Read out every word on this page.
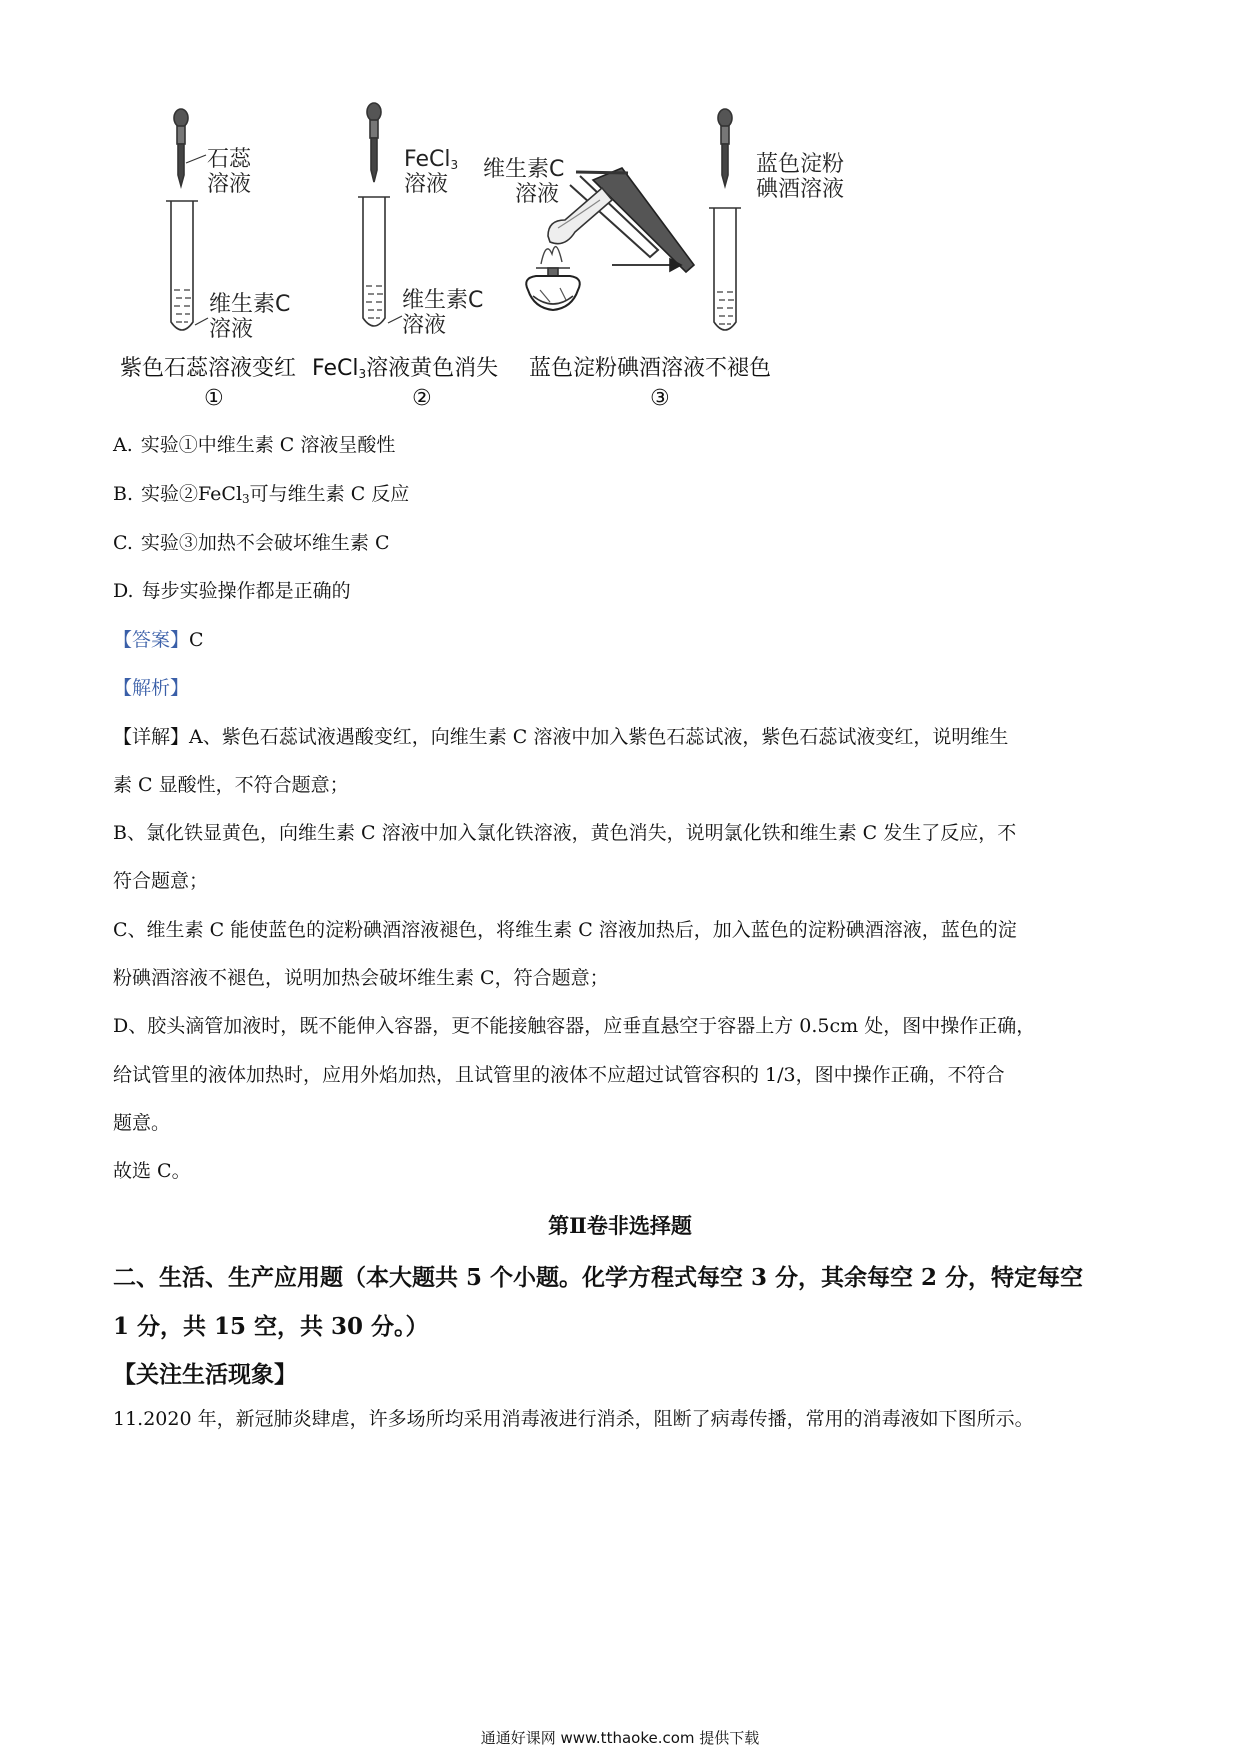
石蕊
溶液
维生素C
溶液
FeCl$_3$
溶液
维生素C
溶液
维生素C
溶液
蓝色淀粉
碘酒溶液
紫色石蕊溶液变红 FeCl$_3$溶液黄色消失 蓝色淀粉碘酒溶液不褪色
①	②	③
A. 实验①中维生素 C 溶液呈酸性
B. 实验②FeCl$_3$可与维生素 C 反应
C. 实验③加热不会破坏维生素 C
D. 每步实验操作都是正确的
【答案】C
【解析】
【详解】A、紫色石蕊试液遇酸变红，向维生素 C 溶液中加入紫色石蕊试液，紫色石蕊试液变红，说明维生
素 C 显酸性，不符合题意；
B、氯化铁显黄色，向维生素 C 溶液中加入氯化铁溶液，黄色消失，说明氯化铁和维生素 C 发生了反应，不
符合题意；
C、维生素 C 能使蓝色的淀粉碘酒溶液褪色，将维生素 C 溶液加热后，加入蓝色的淀粉碘酒溶液，蓝色的淀
粉碘酒溶液不褪色，说明加热会破坏维生素 C，符合题意；
D、胶头滴管加液时，既不能伸入容器，更不能接触容器，应垂直悬空于容器上方 0.5cm 处，图中操作正确，
给试管里的液体加热时，应用外焰加热，且试管里的液体不应超过试管容积的 1/3，图中操作正确，不符合
题意。
故选 C。
第Ⅱ卷非选择题
二、生活、生产应用题（本大题共 5 个小题。化学方程式每空 3 分，其余每空 2 分，特定每空
1 分，共 15 空，共 30 分。）
【关注生活现象】
11.2020 年，新冠肺炎肆虐，许多场所均采用消毒液进行消杀，阻断了病毒传播，常用的消毒液如下图所示。
通通好课网 www.tthaoke.com 提供下载
